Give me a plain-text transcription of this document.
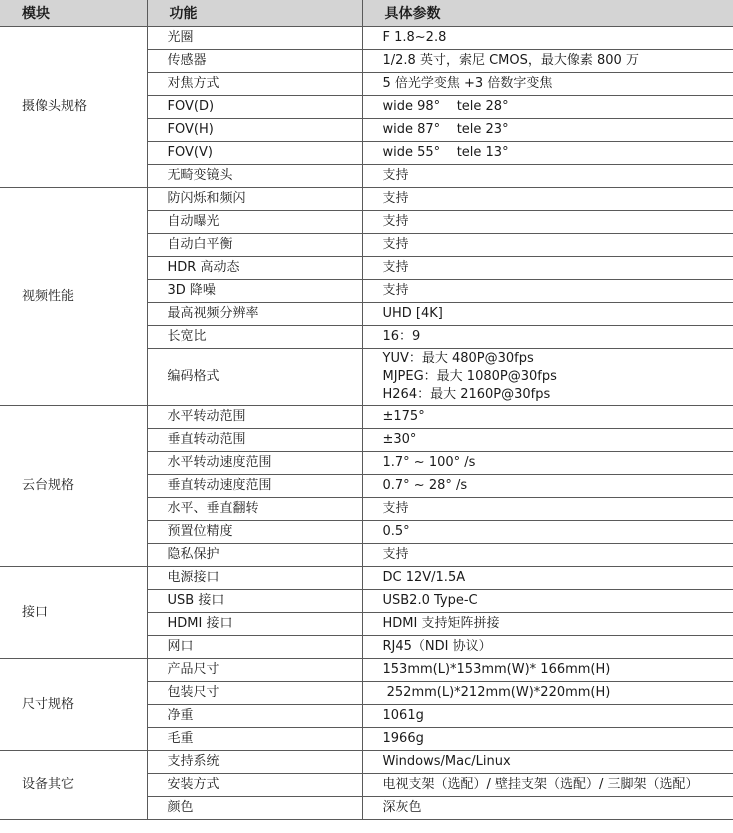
模块	功能	具体参数
摄像头规格	光圈	F 1.8~2.8
	传感器	1/2.8 英寸，索尼 CMOS，最大像素 800 万
	对焦方式	5 倍光学变焦 +3 倍数字变焦
	FOV(D)	wide 98°    tele 28°
	FOV(H)	wide 87°    tele 23°
	FOV(V)	wide 55°    tele 13°
	无畸变镜头	支持
视频性能	防闪烁和频闪	支持
	自动曝光	支持
	自动白平衡	支持
	HDR 高动态	支持
	3D 降噪	支持
	最高视频分辨率	UHD [4K]
	长宽比	16：9
	编码格式	YUV：最大 480P@30fps
MJPEG：最大 1080P@30fps
H264：最大 2160P@30fps

云台规格	水平转动范围	±175°
	垂直转动范围	±30°
	水平转动速度范围	1.7° ~ 100° /s
	垂直转动速度范围	0.7° ~ 28° /s
	水平、垂直翻转	支持
	预置位精度	0.5°
	隐私保护	支持
接口	电源接口	DC 12V/1.5A
	USB 接口	USB2.0 Type-C
	HDMI 接口	HDMI 支持矩阵拼接
	网口	RJ45（NDI 协议）
尺寸规格	产品尺寸	153mm(L)*153mm(W)* 166mm(H)
	包装尺寸	252mm(L)*212mm(W)*220mm(H)
	净重	1061g
	毛重	1966g
设备其它	支持系统	Windows/Mac/Linux
	安装方式	电视支架（选配）/ 壁挂支架（选配）/ 三脚架（选配）
	颜色	深灰色
